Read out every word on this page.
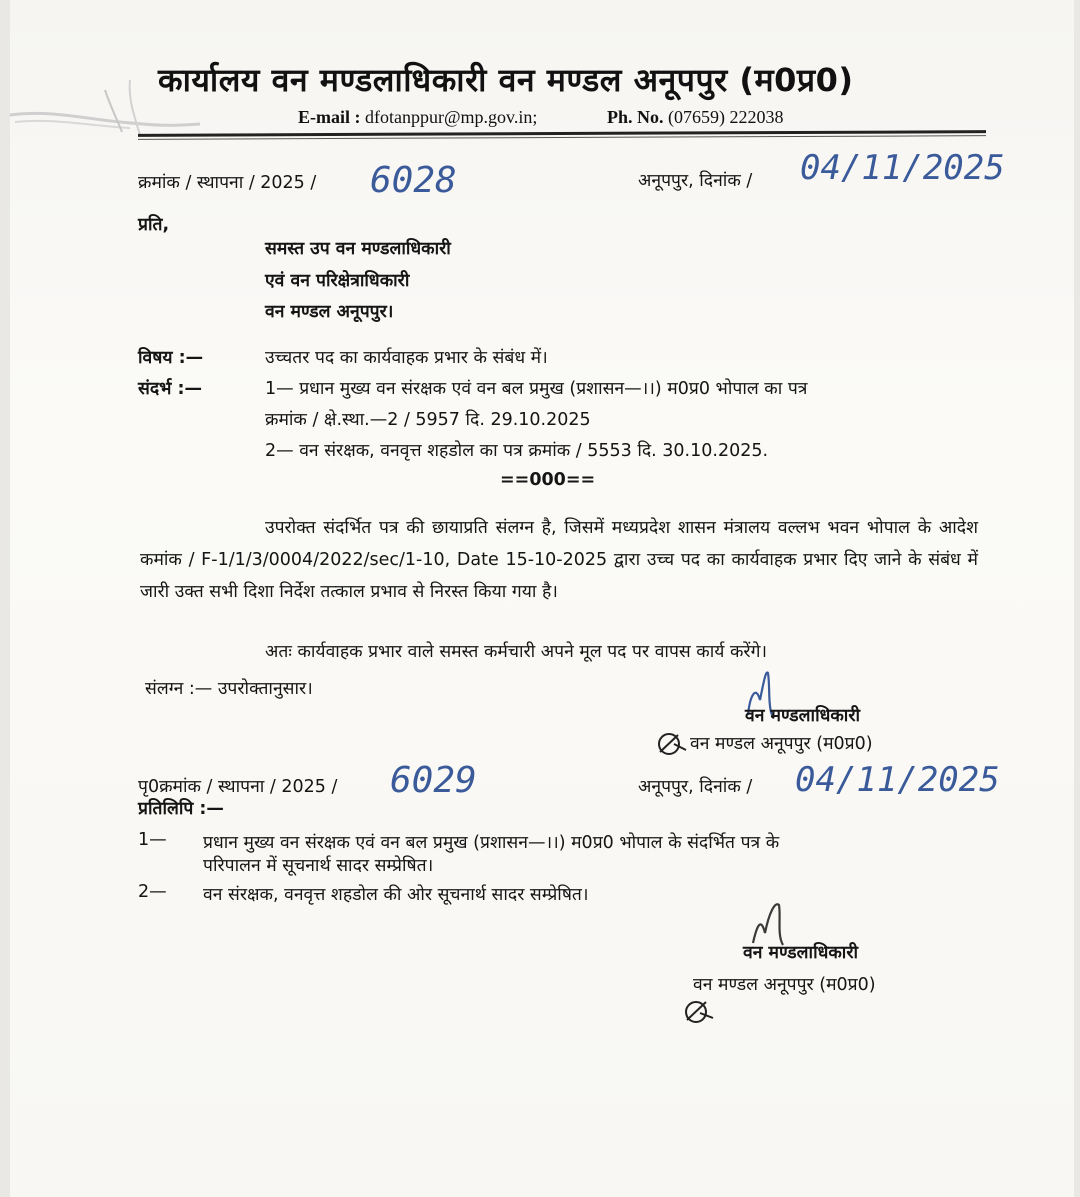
कार्यालय वन मण्डलाधिकारी वन मण्डल अनूपपुर (म0प्र0)
E-mail : dfotanppur@mp.gov.in;	Ph. No. (07659) 222038
क्रमांक / स्थापना / 2025 / 6028	अनूपपुर, दिनांक / 04/11/2025
प्रति,
समस्त उप वन मण्डलाधिकारी
एवं वन परिक्षेत्राधिकारी
वन मण्डल अनूपपुर।
विषय :—	उच्चतर पद का कार्यवाहक प्रभार के संबंध में।
संदर्भ :—	1— प्रधान मुख्य वन संरक्षक एवं वन बल प्रमुख (प्रशासन—।।) म0प्र0 भोपाल का पत्र
क्रमांक / क्षे.स्था.—2 / 5957 दि. 29.10.2025
2— वन संरक्षक, वनवृत्त शहडोल का पत्र क्रमांक / 5553 दि. 30.10.2025.
==000==
उपरोक्त संदर्भित पत्र की छायाप्रति संलग्न है, जिसमें मध्यप्रदेश शासन मंत्रालय वल्लभ भवन भोपाल के आदेश कमांक / F-1/1/3/0004/2022/sec/1-10, Date 15-10-2025 द्वारा उच्च पद का कार्यवाहक प्रभार दिए जाने के संबंध में जारी उक्त सभी दिशा निर्देश तत्काल प्रभाव से निरस्त किया गया है।
अतः कार्यवाहक प्रभार वाले समस्त कर्मचारी अपने मूल पद पर वापस कार्य करेंगे।
संलग्न :— उपरोक्तानुसार।
वन मण्डलाधिकारी
वन मण्डल अनूपपुर (म0प्र0)
पृ0क्रमांक / स्थापना / 2025 / 6029	अनूपपुर, दिनांक / 04/11/2025
प्रतिलिपि :—
1— प्रधान मुख्य वन संरक्षक एवं वन बल प्रमुख (प्रशासन—।।) म0प्र0 भोपाल के संदर्भित पत्र के
परिपालन में सूचनार्थ सादर सम्प्रेषित।
2— वन संरक्षक, वनवृत्त शहडोल की ओर सूचनार्थ सादर सम्प्रेषित।
वन मण्डलाधिकारी
वन मण्डल अनूपपुर (म0प्र0)
